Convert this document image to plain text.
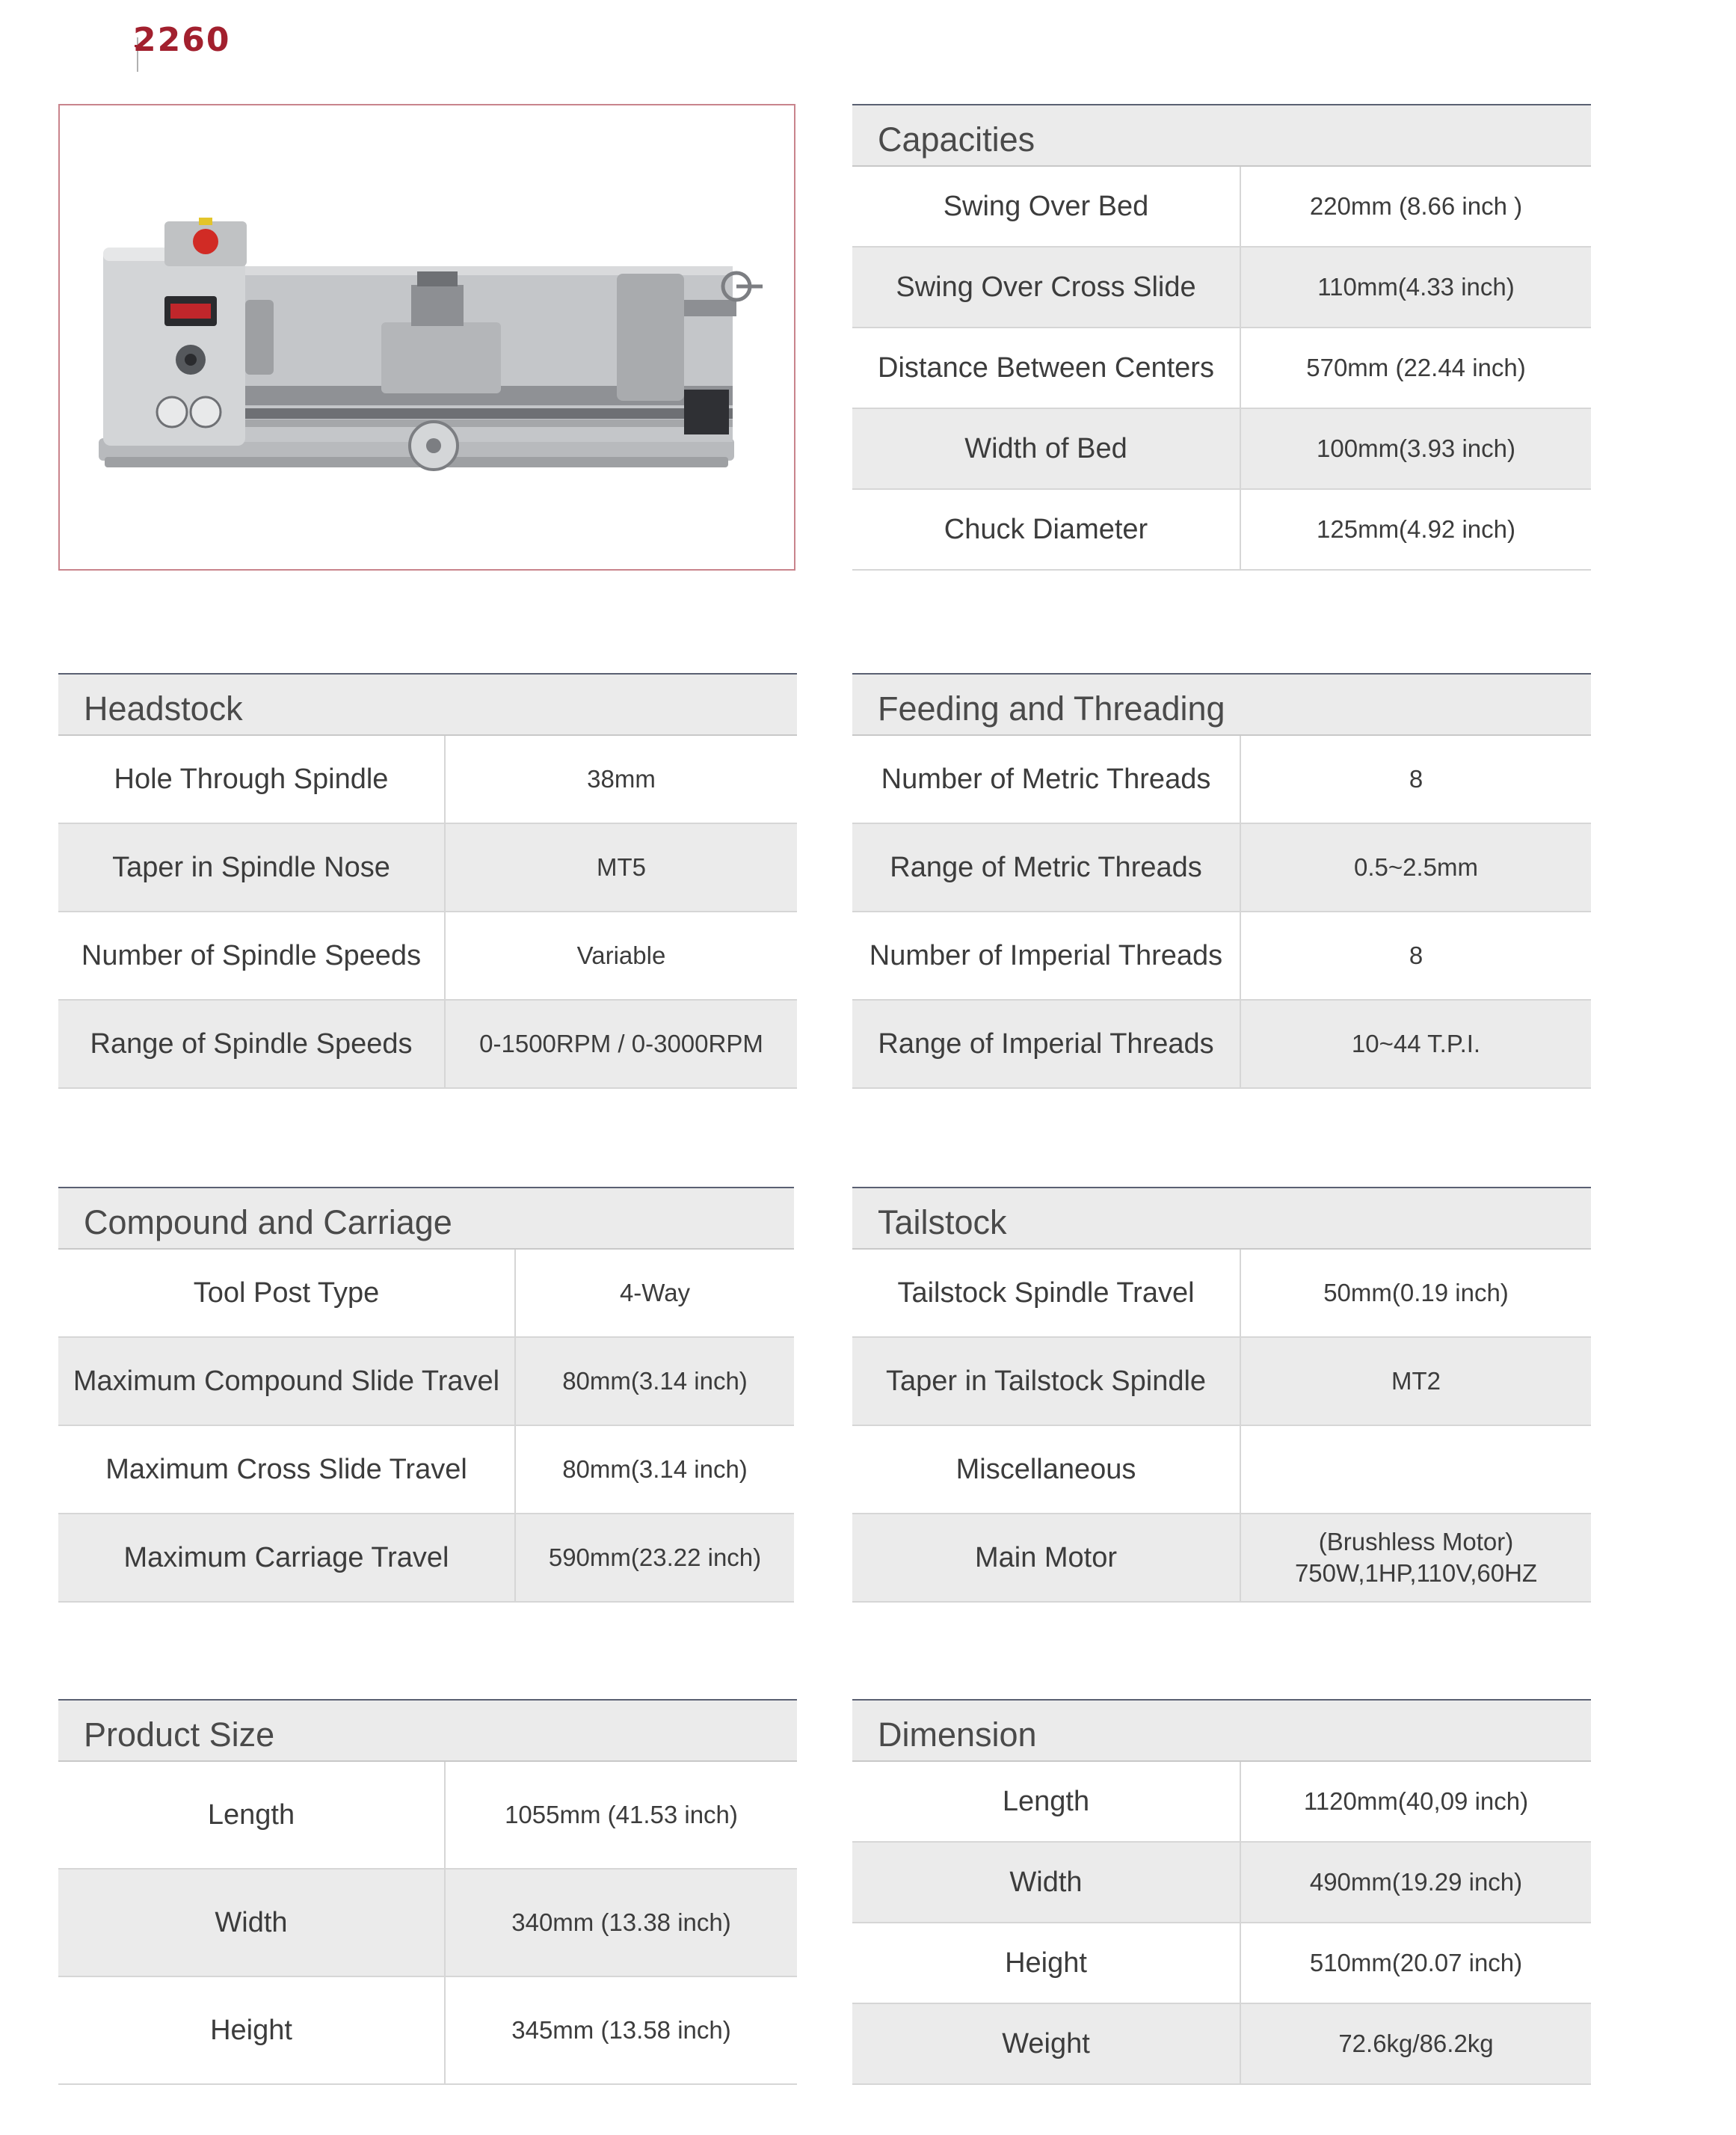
2260
Capacities
Swing Over Bed	220mm (8.66 inch )
Swing Over Cross Slide	110mm(4.33 inch)
Distance Between Centers	570mm (22.44 inch)
Width of Bed	100mm(3.93 inch)
Chuck Diameter	125mm(4.92 inch)
Headstock
Hole Through Spindle	38mm
Taper in Spindle Nose	MT5
Number of Spindle Speeds	Variable
Range of Spindle Speeds	0-1500RPM / 0-3000RPM
Feeding and Threading
Number of Metric Threads	8
Range of Metric Threads	0.5~2.5mm
Number of Imperial Threads	8
Range of Imperial Threads	10~44 T.P.I.
Compound and Carriage
Tool Post Type	4-Way
Maximum Compound Slide Travel	80mm(3.14 inch)
Maximum Cross Slide Travel	80mm(3.14 inch)
Maximum Carriage Travel	590mm(23.22 inch)
Tailstock
Tailstock Spindle Travel	50mm(0.19 inch)
Taper in Tailstock Spindle	MT2
Miscellaneous
Main Motor	(Brushless Motor)
750W,1HP,110V,60HZ
Product Size
Length	1055mm (41.53 inch)
Width	340mm (13.38 inch)
Height	345mm (13.58 inch)
Dimension
Length	1120mm(40,09 inch)
Width	490mm(19.29 inch)
Height	510mm(20.07 inch)
Weight	72.6kg/86.2kg
